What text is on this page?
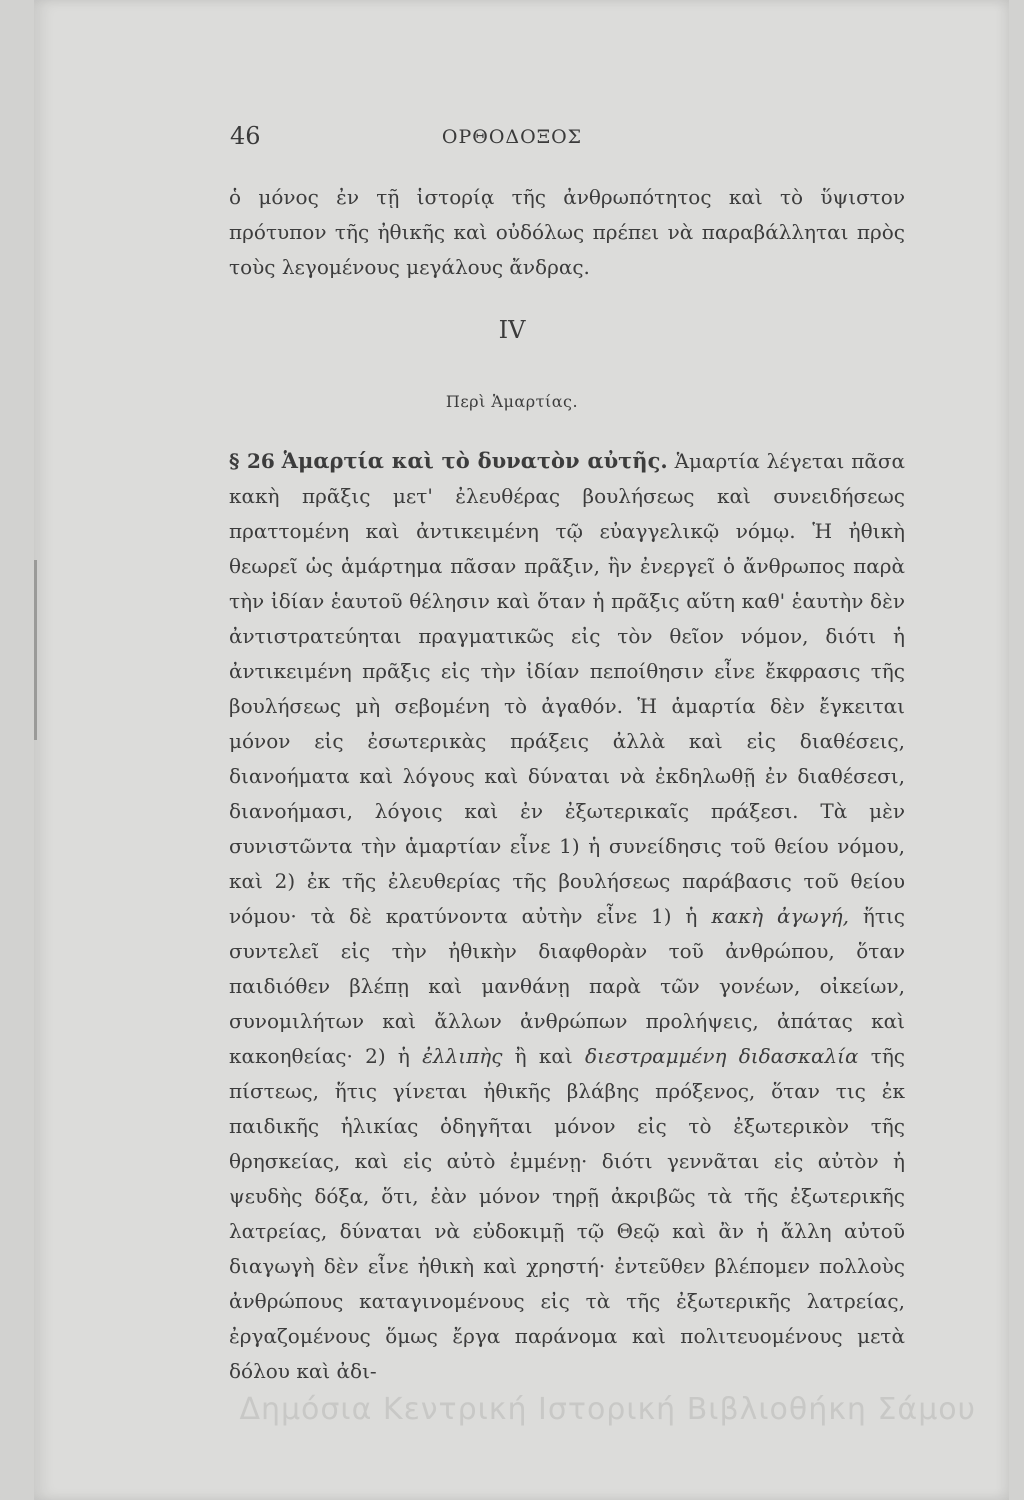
46	ΟΡΘΟΔΟΞΟΣ

ὁ μόνος ἐν τῇ ἱστορίᾳ τῆς ἀνθρωπότητος καὶ τὸ ὕψιστον πρότυπον τῆς ἠθικῆς καὶ οὐδόλως πρέπει νὰ παραβάλληται πρὸς τοὺς λεγομένους μεγάλους ἄνδρας.

IV
Περὶ Ἁμαρτίας.

§ 26 Ἁμαρτία καὶ τὸ δυνατὸν αὐτῆς. Ἁμαρτία λέγεται πᾶσα κακὴ πρᾶξις μετ' ἐλευθέρας βουλήσεως καὶ συνειδήσεως πραττομένη καὶ ἀντικειμένη τῷ εὐαγγελικῷ νόμῳ. Ἡ ἠθικὴ θεωρεῖ ὡς ἁμάρτημα πᾶσαν πρᾶξιν, ἣν ἐνεργεῖ ὁ ἄνθρωπος παρὰ τὴν ἰδίαν ἑαυτοῦ θέλησιν καὶ ὅταν ἡ πρᾶξις αὕτη καθ' ἑαυτὴν δὲν ἀντιστρατεύηται πραγματικῶς εἰς τὸν θεῖον νόμον, διότι ἡ ἀντικειμένη πρᾶξις εἰς τὴν ἰδίαν πεποίθησιν εἶνε ἔκφρασις τῆς βουλήσεως μὴ σεβομένη τὸ ἀγαθόν. Ἡ ἁμαρτία δὲν ἔγκειται μόνον εἰς ἐσωτερικὰς πράξεις ἀλλὰ καὶ εἰς διαθέσεις, διανοήματα καὶ λόγους καὶ δύναται νὰ ἐκδηλωθῇ ἐν διαθέσεσι, διανοήμασι, λόγοις καὶ ἐν ἐξωτερικαῖς πράξεσι. Τὰ μὲν συνιστῶντα τὴν ἁμαρτίαν εἶνε 1) ἡ συνείδησις τοῦ θείου νόμου, καὶ 2) ἐκ τῆς ἐλευθερίας τῆς βουλήσεως παράβασις τοῦ θείου νόμου· τὰ δὲ κρατύνοντα αὐτὴν εἶνε 1) ἡ κακὴ ἀγωγή, ἥτις συντελεῖ εἰς τὴν ἠθικὴν διαφθορὰν τοῦ ἀνθρώπου, ὅταν παιδιόθεν βλέπῃ καὶ μανθάνῃ παρὰ τῶν γονέων, οἰκείων, συνομιλήτων καὶ ἄλλων ἀνθρώπων προλήψεις, ἀπάτας καὶ κακοηθείας· 2) ἡ ἐλλιπὴς ἢ καὶ διεστραμμένη διδασκαλία τῆς πίστεως, ἥτις γίνεται ἠθικῆς βλάβης πρόξενος, ὅταν τις ἐκ παιδικῆς ἡλικίας ὁδηγῆται μόνον εἰς τὸ ἐξωτερικὸν τῆς θρησκείας, καὶ εἰς αὐτὸ ἐμμένῃ· διότι γεννᾶται εἰς αὐτὸν ἡ ψευδὴς δόξα, ὅτι, ἐὰν μόνον τηρῇ ἀκριβῶς τὰ τῆς ἐξωτερικῆς λατρείας, δύναται νὰ εὐδοκιμῇ τῷ Θεῷ καὶ ἂν ἡ ἄλλη αὐτοῦ διαγωγὴ δὲν εἶνε ἠθικὴ καὶ χρηστή· ἐντεῦθεν βλέπομεν πολλοὺς ἀνθρώπους καταγινομένους εἰς τὰ τῆς ἐξωτερικῆς λατρείας, ἐργαζομένους ὅμως ἔργα παράνομα καὶ πολιτευομένους μετὰ δόλου καὶ ἀδι-

Δημόσια Κεντρική Ιστορική Βιβλιοθήκη Σάμου
